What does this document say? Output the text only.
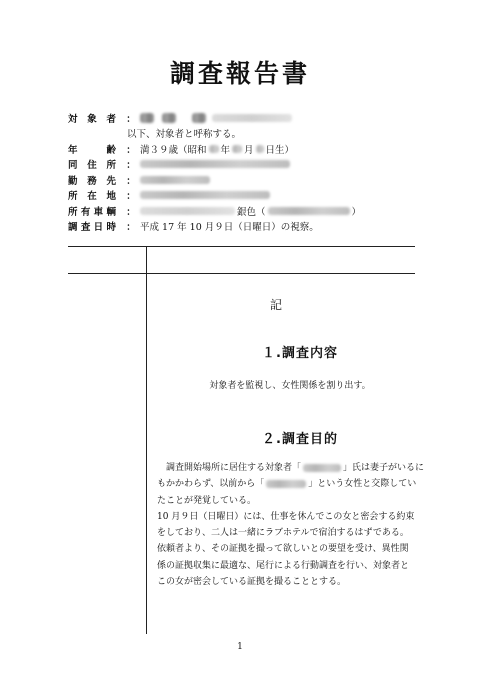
調査報告書
対 象 者	：
以下、対象者と呼称する。
年	齢	： 満３９歳（昭和 年 月 日生）
同 住 所	：
勤 務 先	：
所 在 地	：
所 有 車 輌	：	銀色（	）
調 査 日 時	： 平成 17 年 10 月９日（日曜日）の視察。
記
１.調査内容
対象者を監視し、女性関係を割り出す。
２.調査目的
調査開始場所に居住する対象者「	」氏は妻子がいるに
もかかわらず、以前から「	」という女性と交際してい
たことが発覚している。
10 月９日（日曜日）には、仕事を休んでこの女と密会する約束
をしており、二人は一緒にラブホテルで宿泊するはずである。
依頼者より、その証拠を撮って欲しいとの要望を受け、異性関
係の証拠収集に最適な、尾行による行動調査を行い、対象者と
この女が密会している証拠を撮ることとする。
1
